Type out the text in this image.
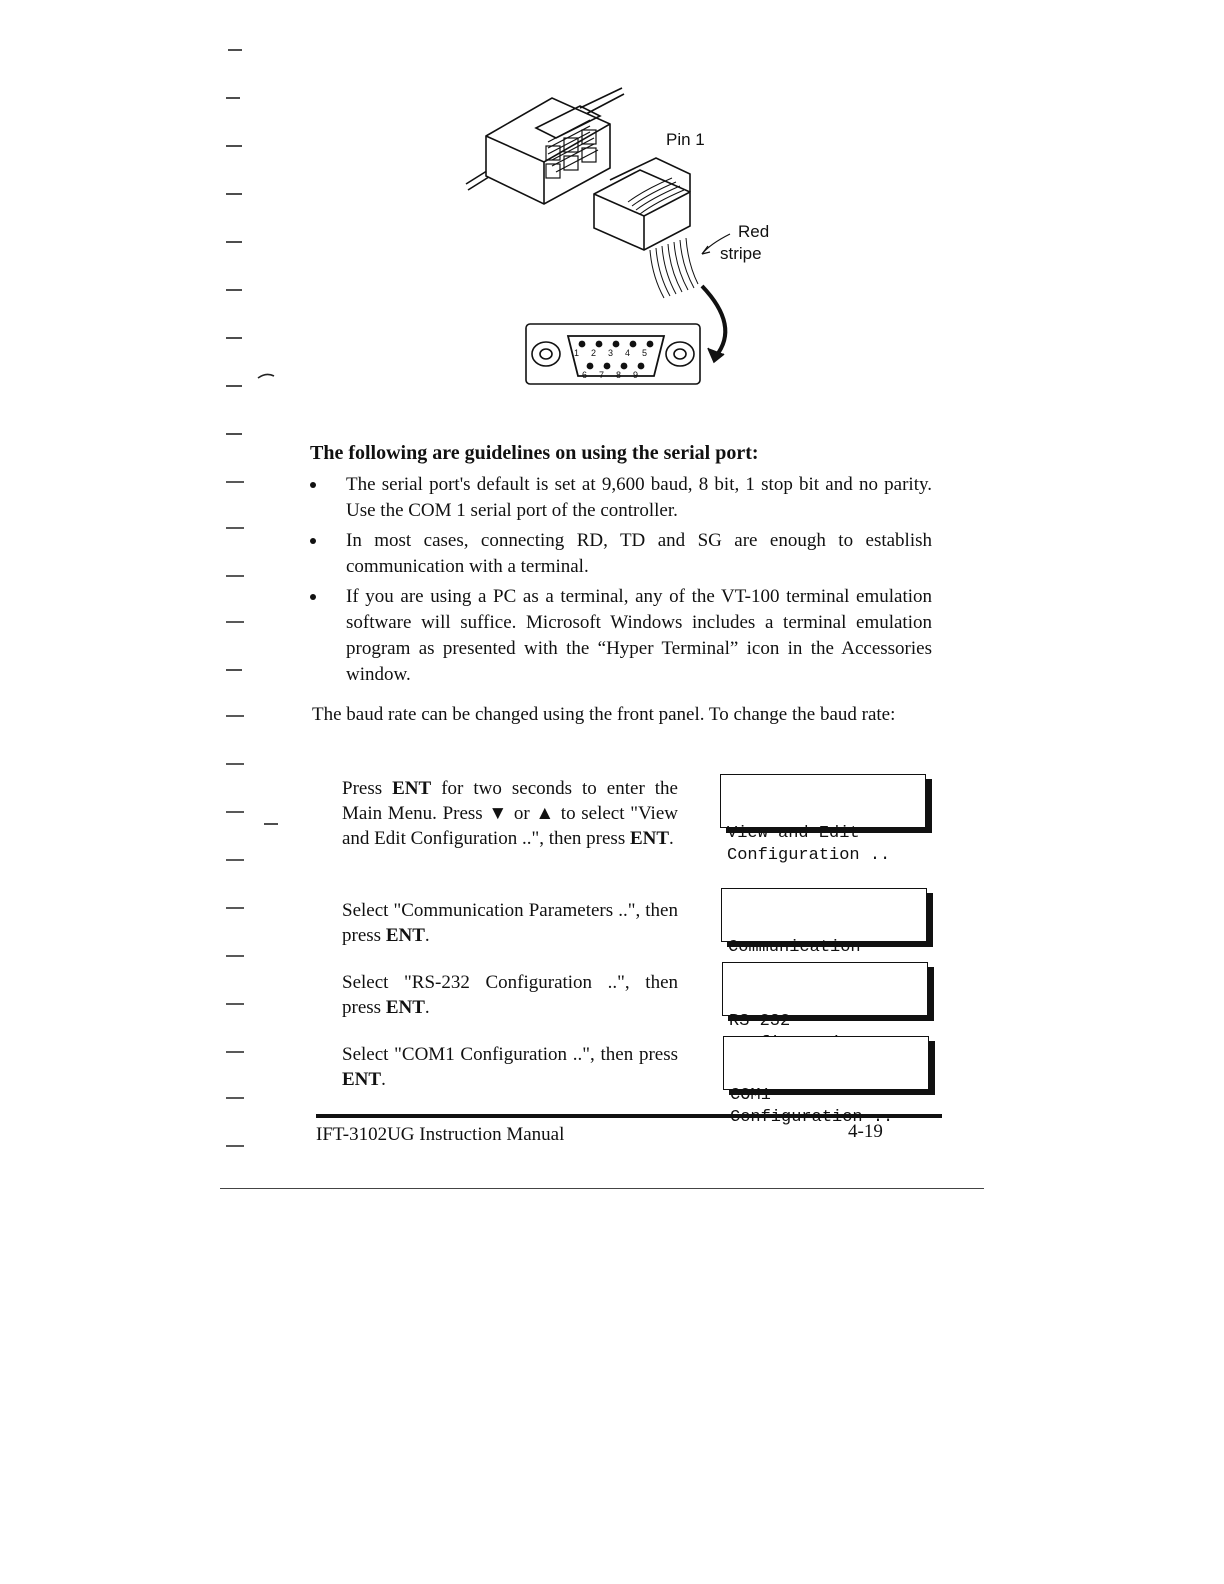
1 2 3 4 5
6 7 8 9
Pin 1
Red
stripe
The following are guidelines on using the serial port:
The serial port's default is set at 9,600 baud, 8 bit, 1 stop bit and no parity. Use the COM 1 serial port of the controller.
In most cases, connecting RD, TD and SG are enough to establish communication with a terminal.
If you are using a PC as a terminal, any of the VT-100 terminal emulation software will suffice. Microsoft Windows includes a terminal emulation program as presented with the “Hyper Terminal” icon in the Accessories window.

The baud rate can be changed using the front panel. To change the baud rate:

Press ENT for two seconds to enter the Main Menu. Press ▼ or ▲ to select "View and Edit Configuration ..", then press ENT.

	View and Edit
Configuration ..

Select "Communication Parameters ..", then press ENT.

Communication

Select "RS-232 Configuration ..", then press ENT.

RS-232

Select "COM1 Configuration ..", then press ENT.

COM1

IFT-3102UG Instruction Manual	4-19
